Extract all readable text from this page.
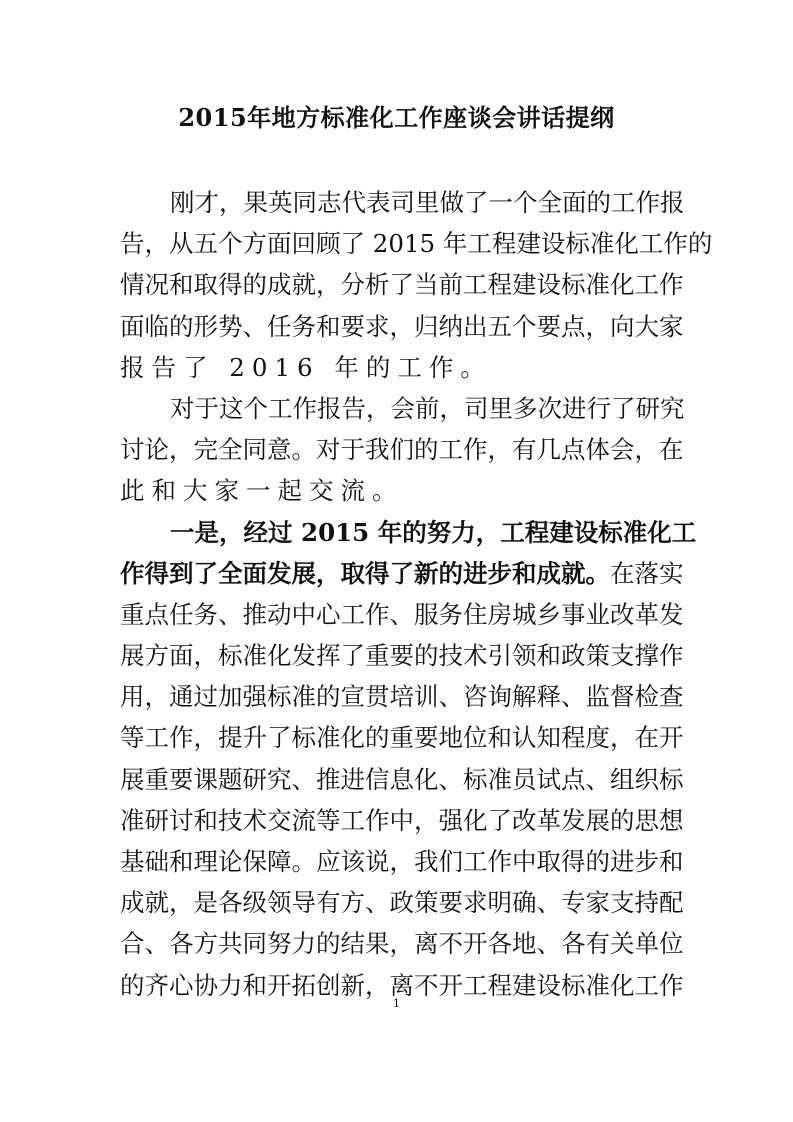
2015年地方标准化工作座谈会讲话提纲
刚才，果英同志代表司里做了一个全面的工作报
告，从五个方面回顾了 2015 年工程建设标准化工作的
情况和取得的成就，分析了当前工程建设标准化工作
面临的形势、任务和要求，归纳出五个要点，向大家
报告了 2016 年的工作。
对于这个工作报告，会前，司里多次进行了研究
讨论，完全同意。对于我们的工作，有几点体会，在
此和大家一起交流。
一是，经过 2015 年的努力，工程建设标准化工
作得到了全面发展，取得了新的进步和成就。在落实
重点任务、推动中心工作、服务住房城乡事业改革发
展方面，标准化发挥了重要的技术引领和政策支撑作
用，通过加强标准的宣贯培训、咨询解释、监督检查
等工作，提升了标准化的重要地位和认知程度，在开
展重要课题研究、推进信息化、标准员试点、组织标
准研讨和技术交流等工作中，强化了改革发展的思想
基础和理论保障。应该说，我们工作中取得的进步和
成就，是各级领导有方、政策要求明确、专家支持配
合、各方共同努力的结果，离不开各地、各有关单位
的齐心协力和开拓创新，离不开工程建设标准化工作
1
